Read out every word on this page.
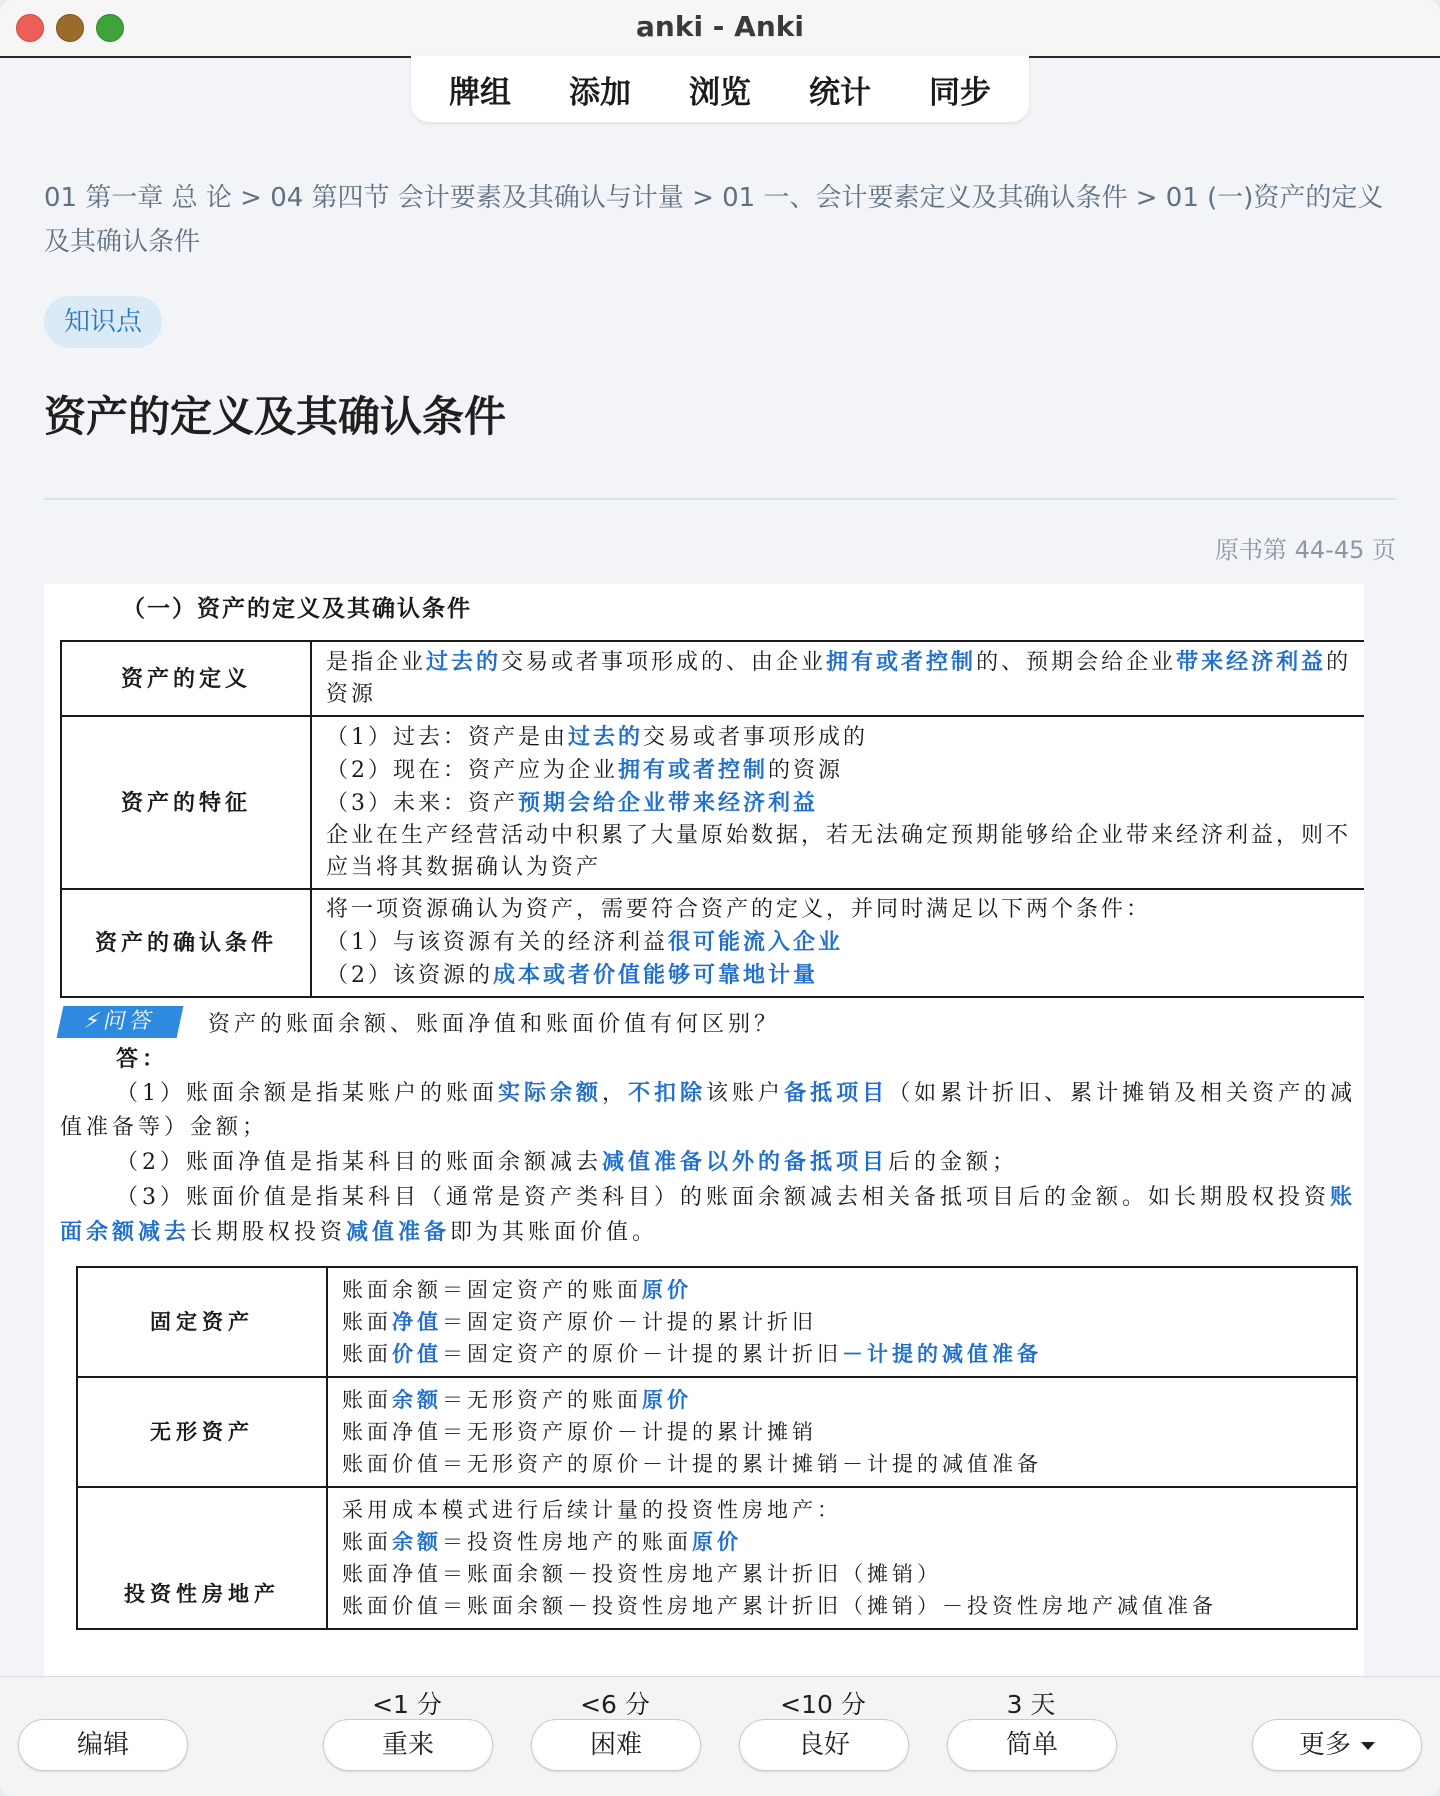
anki - Anki
牌组	添加	浏览	统计	同步
01 第一章 总 论 > 04 第四节 会计要素及其确认与计量 > 01 一、会计要素定义及其确认条件 > 01 (一)资产的定义及其确认条件
知识点
资产的定义及其确认条件
原书第 44-45 页
（一）资产的定义及其确认条件
资产的定义	是指企业过去的交易或者事项形成的、由企业拥有或者控制的、预期会给企业带来经济利益的资源
资产的特征	（1）过去：资产是由过去的交易或者事项形成的
（2）现在：资产应为企业拥有或者控制的资源
（3）未来：资产预期会给企业带来经济利益
企业在生产经营活动中积累了大量原始数据，若无法确定预期能够给企业带来经济利益，则不应当将其数据确认为资产

资产的确认条件	将一项资源确认为资产，需要符合资产的定义，并同时满足以下两个条件：
（1）与该资源有关的经济利益很可能流入企业
（2）该资源的成本或者价值能够可靠地计量
⚡问答 资产的账面余额、账面净值和账面价值有何区别？

答：

（1）账面余额是指某账户的账面实际余额，不扣除该账户备抵项目（如累计折旧、累计摊销及相关资产的减值准备等）金额；

（2）账面净值是指某科目的账面余额减去减值准备以外的备抵项目后的金额；

（3）账面价值是指某科目（通常是资产类科目）的账面余额减去相关备抵项目后的金额。如长期股权投资账面余额减去长期股权投资减值准备即为其账面价值。

固定资产	账面余额＝固定资产的账面原价
账面净值＝固定资产原价－计提的累计折旧
账面价值＝固定资产的原价－计提的累计折旧－计提的减值准备

无形资产	账面余额＝无形资产的账面原价
账面净值＝无形资产原价－计提的累计摊销
账面价值＝无形资产的原价－计提的累计摊销－计提的减值准备

投资性房地产	采用成本模式进行后续计量的投资性房地产：
账面余额＝投资性房地产的账面原价
账面净值＝账面余额－投资性房地产累计折旧（摊销）
账面价值＝账面余额－投资性房地产累计折旧（摊销）－投资性房地产减值准备
编辑
<1 分	<6 分	<10 分	3 天
重来	困难	良好	简单	更多
